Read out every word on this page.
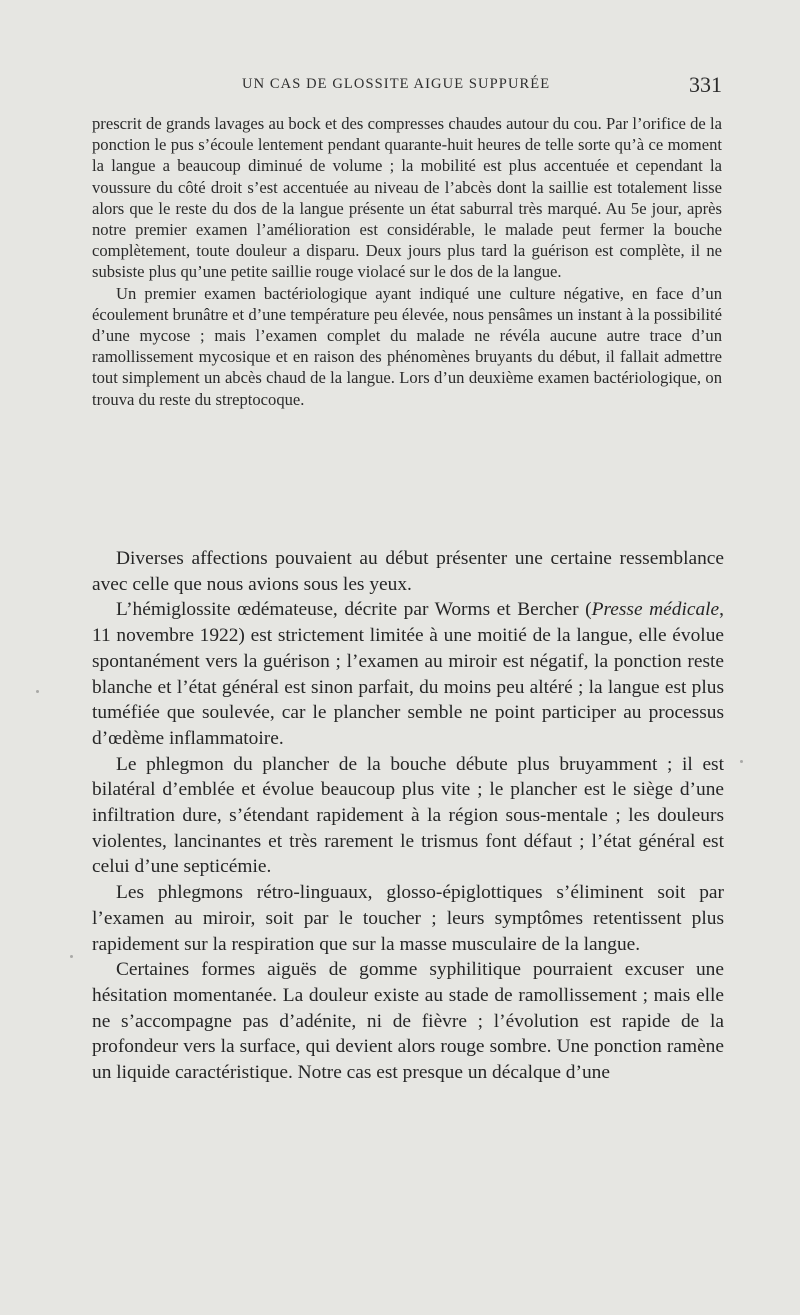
UN CAS DE GLOSSITE AIGUE SUPPURÉE	331

prescrit de grands lavages au bock et des compresses chaudes autour du cou. Par l’orifice de la ponction le pus s’écoule lentement pendant quarante-huit heures de telle sorte qu’à ce moment la langue a beaucoup diminué de volume ; la mobilité est plus accentuée et cependant la voussure du côté droit s’est accentuée au niveau de l’abcès dont la saillie est totalement lisse alors que le reste du dos de la langue présente un état saburral très marqué. Au 5e jour, après notre premier examen l’amélioration est considérable, le malade peut fermer la bouche complètement, toute douleur a disparu. Deux jours plus tard la guérison est complète, il ne subsiste plus qu’une petite saillie rouge violacé sur le dos de la langue.

Un premier examen bactériologique ayant indiqué une culture négative, en face d’un écoulement brunâtre et d’une température peu élevée, nous pensâmes un instant à la possibilité d’une mycose ; mais l’examen complet du malade ne révéla aucune autre trace d’un ramollissement mycosique et en raison des phénomènes bruyants du début, il fallait admettre tout simplement un abcès chaud de la langue. Lors d’un deuxième examen bactériologique, on trouva du reste du streptocoque.

Diverses affections pouvaient au début présenter une certaine ressemblance avec celle que nous avions sous les yeux.

L’hémiglossite œdémateuse, décrite par Worms et Bercher (Presse médicale, 11 novembre 1922) est strictement limitée à une moitié de la langue, elle évolue spontanément vers la guérison ; l’examen au miroir est négatif, la ponction reste blanche et l’état général est sinon parfait, du moins peu altéré ; la langue est plus tuméfiée que soulevée, car le plancher semble ne point participer au processus d’œdème inflammatoire.

Le phlegmon du plancher de la bouche débute plus bruyamment ; il est bilatéral d’emblée et évolue beaucoup plus vite ; le plancher est le siège d’une infiltration dure, s’étendant rapidement à la région sous-mentale ; les douleurs violentes, lancinantes et très rarement le trismus font défaut ; l’état général est celui d’une septicémie.

Les phlegmons rétro-linguaux, glosso-épiglottiques s’éliminent soit par l’examen au miroir, soit par le toucher ; leurs symptômes retentissent plus rapidement sur la respiration que sur la masse musculaire de la langue.

Certaines formes aiguës de gomme syphilitique pourraient excuser une hésitation momentanée. La douleur existe au stade de ramollissement ; mais elle ne s’accompagne pas d’adénite, ni de fièvre ; l’évolution est rapide de la profondeur vers la surface, qui devient alors rouge sombre. Une ponction ramène un liquide caractéristique. Notre cas est presque un décalque d’une
